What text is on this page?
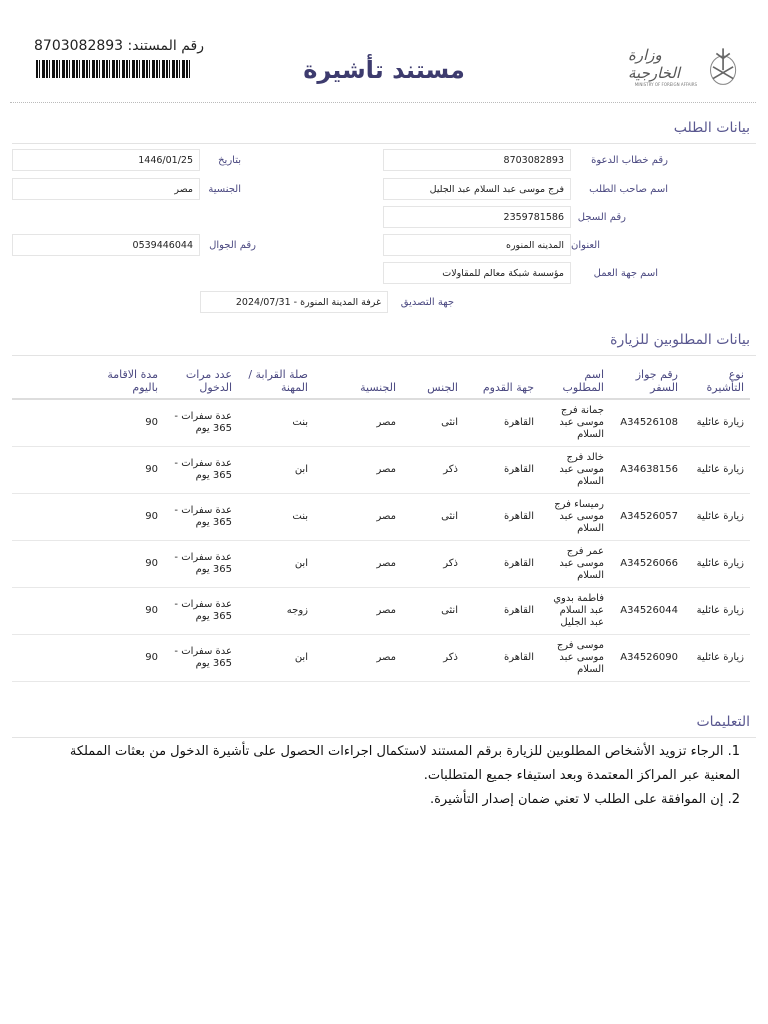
وزارة الخارجية
MINISTRY OF FOREIGN AFFAIRS
مستند تأشيرة
رقم المستند: 8703082893
بيانات الطلب
رقم خطاب الدعوة
8703082893
بتاريخ
1446/01/25
اسم صاحب الطلب
فرج موسى عبد السلام عبد الجليل
الجنسية
مصر
رقم السجل
2359781586
العنوان
المدينه المنوره
رقم الجوال
0539446044
اسم جهة العمل
مؤسسة شبكة معالم للمقاولات
جهة التصديق
غرفة المدينة المنورة - 2024/07/31
بيانات المطلوبين للزيارة
نوع التأشيرة	رقم جواز السفر	اسم المطلوب	جهة القدوم	الجنس	الجنسية	صلة القرابة / المهنة	عدد مرات الدخول	مدة الاقامة باليوم
زيارة عائلية	A34526108	جمانة فرج موسى عبد السلام	القاهرة	انثى	مصر	بنت	عدة سفرات - 365 يوم	90
زيارة عائلية	A34638156	خالد فرج موسى عبد السلام	القاهرة	ذكر	مصر	ابن	عدة سفرات - 365 يوم	90
زيارة عائلية	A34526057	رميساء فرج موسى عبد السلام	القاهرة	انثى	مصر	بنت	عدة سفرات - 365 يوم	90
زيارة عائلية	A34526066	عمر فرج موسى عبد السلام	القاهرة	ذكر	مصر	ابن	عدة سفرات - 365 يوم	90
زيارة عائلية	A34526044	فاطمة بدوي عبد السلام عبد الجليل	القاهرة	انثى	مصر	زوجه	عدة سفرات - 365 يوم	90
زيارة عائلية	A34526090	موسى فرج موسى عبد السلام	القاهرة	ذكر	مصر	ابن	عدة سفرات - 365 يوم	90
التعليمات
1. الرجاء تزويد الأشخاص المطلوبين للزيارة برقم المستند لاستكمال اجراءات الحصول على تأشيرة الدخول من بعثات المملكة المعنية عبر المراكز المعتمدة وبعد استيفاء جميع المتطلبات.
2. إن الموافقة على الطلب لا تعني ضمان إصدار التأشيرة.
